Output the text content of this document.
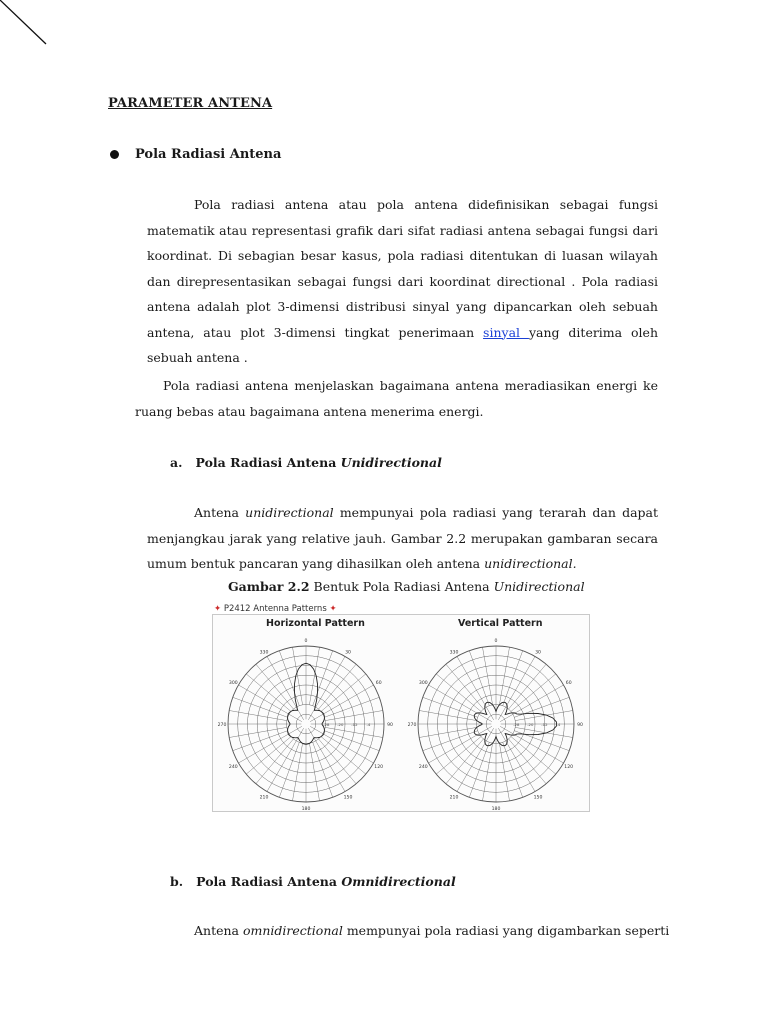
PARAMETER ANTENA
Pola Radiasi Antena
Pola radiasi antena atau pola antena didefinisikan sebagai fungsi matematik atau representasi grafik dari sifat radiasi antena sebagai fungsi dari koordinat. Di sebagian besar kasus, pola radiasi ditentukan di luasan wilayah dan direpresentasikan sebagai fungsi dari koordinat directional . Pola radiasi antena adalah plot 3-dimensi distribusi sinyal yang dipancarkan oleh sebuah antena, atau plot 3-dimensi tingkat penerimaan sinyal yang diterima oleh sebuah antena .
Pola radiasi antena menjelaskan bagaimana antena meradiasikan energi ke ruang bebas atau bagaimana antena menerima energi.
a. Pola Radiasi Antena Unidirectional
Antena unidirectional mempunyai pola radiasi yang terarah dan dapat menjangkau jarak yang relative jauh. Gambar 2.2 merupakan gambaran secara umum bentuk pancaran yang dihasilkan oleh antena unidirectional.
Gambar 2.2 Bentuk Pola Radiasi Antena Unidirectional
✦ P2412 Antenna Patterns ✦
Horizontal Pattern	Vertical Pattern
0
30
60
90
120
150
180
210
240
270
300
330
-4
-12
-20
-28
0
30
60
90
120
150
180
210
240
270
300
330
-4
-12
-20
-28
b. Pola Radiasi Antena Omnidirectional
Antena omnidirectional mempunyai pola radiasi yang digambarkan seperti
